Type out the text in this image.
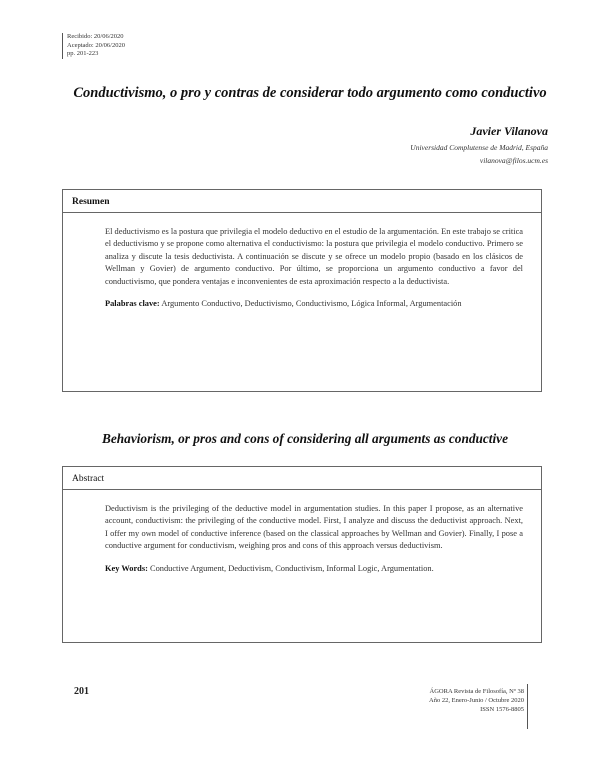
Recibido: 20/06/2020
Aceptado: 20/06/2020
pp. 201-223
Conductivismo, o pro y contras de considerar todo argumento como conductivo
Javier Vilanova
Universidad Complutense de Madrid, España
vilanova@filos.ucm.es
Resumen

El deductivismo es la postura que privilegia el modelo deductivo en el estudio de la argumentación. En este trabajo se critica el deductivismo y se propone como alternativa el conductivismo: la postura que privilegia el modelo conductivo. Primero se analiza y discute la tesis deductivista. A continuación se discute y se ofrece un modelo propio (basado en los clásicos de Wellman y Govier) de argumento conductivo. Por último, se proporciona un argumento conductivo a favor del conductivismo, que pondera ventajas e inconvenientes de esta aproximación respecto a la deductivista.

Palabras clave: Argumento Conductivo, Deductivismo, Conductivismo, Lógica Informal, Argumentación

Behaviorism, or pros and cons of considering all arguments as conductive
Abstract

Deductivism is the privileging of the deductive model in argumentation studies. In this paper I propose, as an alternative account, conductivism: the privileging of the conductive model. First, I analyze and discuss the deductivist approach. Next, I offer my own model of conductive inference (based on the classical approaches by Wellman and Govier). Finally, I pose a conductive argument for conductivism, weighing pros and cons of this approach versus deductivism.

Key Words: Conductive Argument, Deductivism, Conductivism, Informal Logic, Argumentation.

201	ÁGORA Revista de Filosofía, Nº 38
Año 22, Enero-Junio / Octubre 2020
ISSN 1576-8805
